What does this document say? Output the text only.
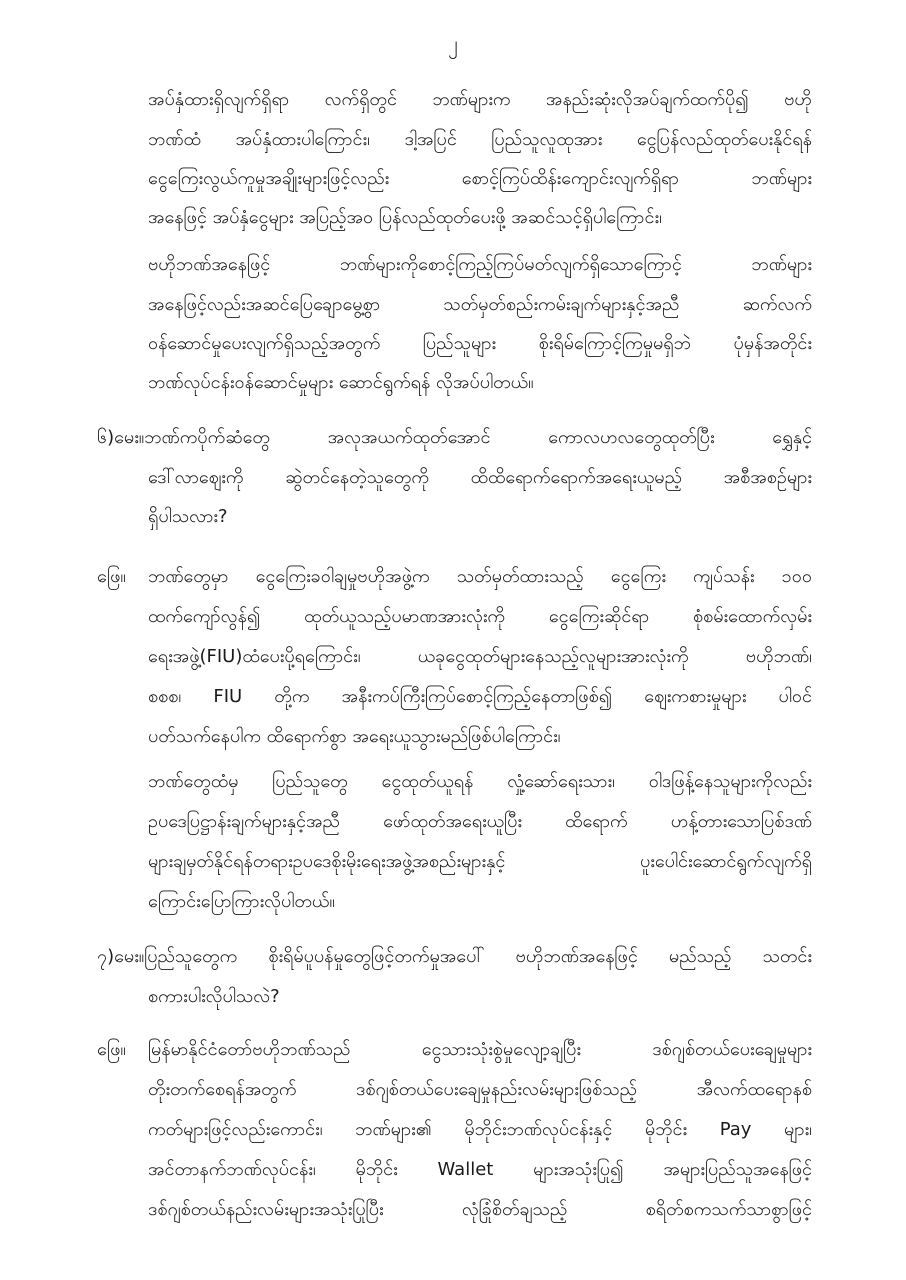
၂
အပ်နှံထားရှိလျက်ရှိရာ လက်ရှိတွင် ဘဏ်များက အနည်းဆုံးလိုအပ်ချက်ထက်ပို၍ ဗဟို
ဘဏ်ထံ အပ်နှံထားပါကြောင်း၊ ဒါ့အပြင် ပြည်သူလူထုအား ငွေပြန်လည်ထုတ်ပေးနိုင်ရန်
ငွေကြေးလွယ်ကူမှုအချိုးများဖြင့်လည်း စောင့်ကြပ်ထိန်းကျောင်းလျက်ရှိရာ ဘဏ်များ
အနေဖြင့် အပ်နှံငွေများ အပြည့်အဝ ပြန်လည်ထုတ်ပေးဖို့ အဆင်သင့်ရှိပါကြောင်း၊
ဗဟိုဘဏ်အနေဖြင့် ဘဏ်များကိုစောင့်ကြည့်ကြပ်မတ်လျက်ရှိသောကြောင့် ဘဏ်များ
အနေဖြင့်လည်းအဆင်ပြေချောမွေ့စွာ သတ်မှတ်စည်းကမ်းချက်များနှင့်အညီ ဆက်လက်
ဝန်ဆောင်မှုပေးလျက်ရှိသည့်အတွက် ပြည်သူများ စိုးရိမ်ကြောင့်ကြမှုမရှိဘဲ ပုံမှန်အတိုင်း
ဘဏ်လုပ်ငန်းဝန်ဆောင်မှုများ ဆောင်ရွက်ရန် လိုအပ်ပါတယ်။
၆)မေး။ဘဏ်ကပိုက်ဆံတွေ အလုအယက်ထုတ်အောင် ကောလဟလတွေထုတ်ပြီး ရွှေနှင့်
ဒေါ်လာဈေးကို ဆွဲတင်နေတဲ့သူတွေကို ထိထိရောက်ရောက်အရေးယူမည့် အစီအစဉ်များ
ရှိပါသလား?
ဖြေ။ ဘဏ်တွေမှာ ငွေကြေးခဝါချမှုဗဟိုအဖွဲ့က သတ်မှတ်ထားသည့် ငွေကြေး ကျပ်သန်း ၁၀၀
ထက်ကျော်လွန်၍ ထုတ်ယူသည့်ပမာဏအားလုံးကို ငွေကြေးဆိုင်ရာ စုံစမ်းထောက်လှမ်း
ရေးအဖွဲ့(FIU)ထံပေးပို့ရကြောင်း၊ ယခုငွေထုတ်များနေသည့်လူများအားလုံးကို ဗဟိုဘဏ်၊
စစစ၊ FIU တို့က အနီးကပ်ကြီးကြပ်စောင့်ကြည့်နေတာဖြစ်၍ ဈေးကစားမှုများ ပါဝင်
ပတ်သက်နေပါက ထိရောက်စွာ အရေးယူသွားမည်ဖြစ်ပါကြောင်း၊
ဘဏ်တွေထံမှ ပြည်သူတွေ ငွေထုတ်ယူရန် လှုံ့ဆော်ရေးသား၊ ဝါဒဖြန့်နေသူများကိုလည်း
ဥပဒေပြဋ္ဌာန်းချက်များနှင့်အညီ ဖော်ထုတ်အရေးယူပြီး ထိရောက် ဟန့်တားသောပြစ်ဒဏ်
များချမှတ်နိုင်ရန်တရားဥပဒေစိုးမိုးရေးအဖွဲ့အစည်းများနှင့် ပူးပေါင်းဆောင်ရွက်လျက်ရှိ
ကြောင်းပြောကြားလိုပါတယ်။
၇)မေး။ပြည်သူတွေက စိုးရိမ်ပူပန်မှုတွေဖြင့်တက်မှုအပေါ် ဗဟိုဘဏ်အနေဖြင့် မည်သည့် သတင်း
စကားပါးလိုပါသလဲ?
ဖြေ။ မြန်မာနိုင်ငံတော်ဗဟိုဘဏ်သည် ငွေသားသုံးစွဲမှုလျော့ချပြီး ဒစ်ဂျစ်တယ်ပေးချေမှုများ
တိုးတက်စေရန်အတွက် ဒစ်ဂျစ်တယ်ပေးချေမှုနည်းလမ်းများဖြစ်သည့် အီလက်ထရောနစ်
ကတ်များဖြင့်လည်းကောင်း၊ ဘဏ်များ၏ မိုဘိုင်းဘဏ်လုပ်ငန်းနှင့် မိုဘိုင်း Pay များ၊
အင်တာနက်ဘဏ်လုပ်ငန်း၊ မိုဘိုင်း Wallet များအသုံးပြု၍ အများပြည်သူအနေဖြင့်
ဒစ်ဂျစ်တယ်နည်းလမ်းများအသုံးပြုပြီး လုံခြုံစိတ်ချသည့် စရိတ်စကသက်သာစွာဖြင့်
